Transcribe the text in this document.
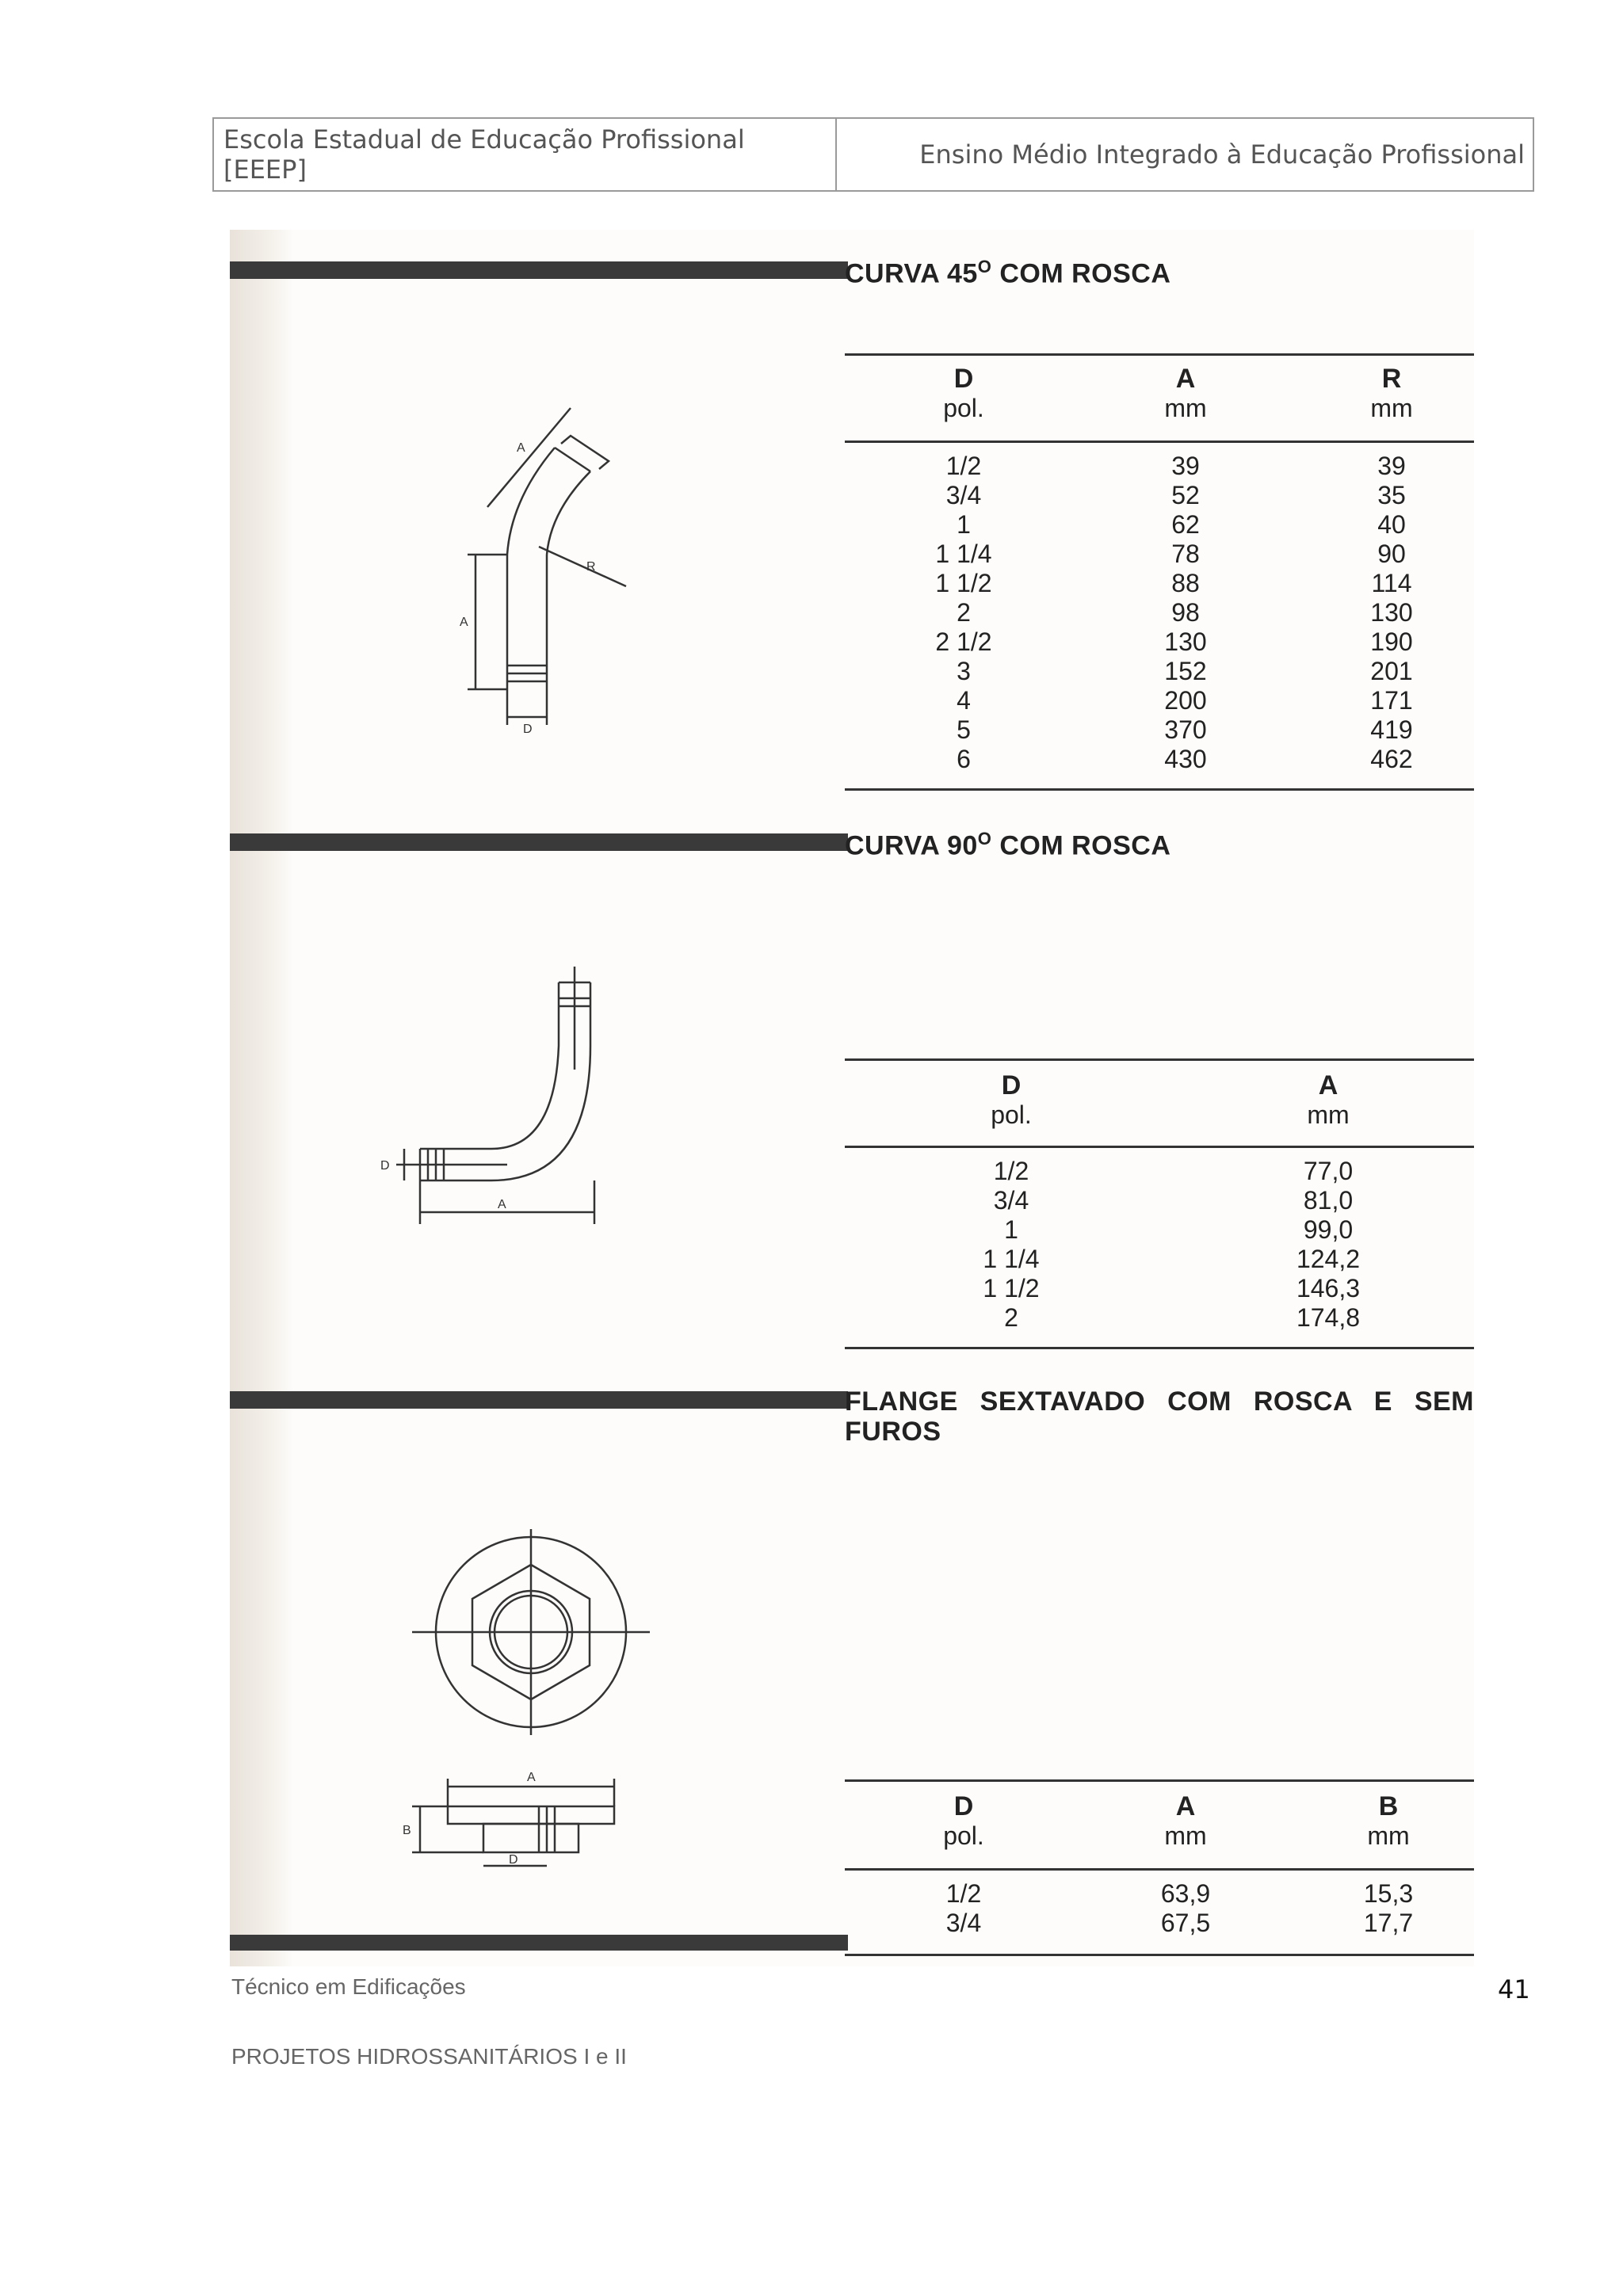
Escola Estadual de Educação Profissional [EEEP]	Ensino Médio Integrado à Educação Profissional
CURVA $45^O$ COM ROSCA
A
A
R
D
D
pol.
A
mm
R
mm
1/2
3/4
1
1 1/4
1 1/2
2
2 1/2
3
4
5
6
39
52
62
78
88
98
130
152
200
370
430
39
35
40
90
114
130
190
201
171
419
462
CURVA $90^O$ COM ROSCA
D
A
D
pol.
A
mm
1/2
3/4
1
1 1/4
1 1/2
2
77,0
81,0
99,0
124,2
146,3
174,8
FLANGE SEXTAVADO COM ROSCA E SEM
FUROS
A
B
D
D
pol.
A
mm
B
mm
1/2
3/4
63,9
67,5
15,3
17,7
Técnico em Edificações	41
PROJETOS HIDROSSANITÁRIOS I e II
